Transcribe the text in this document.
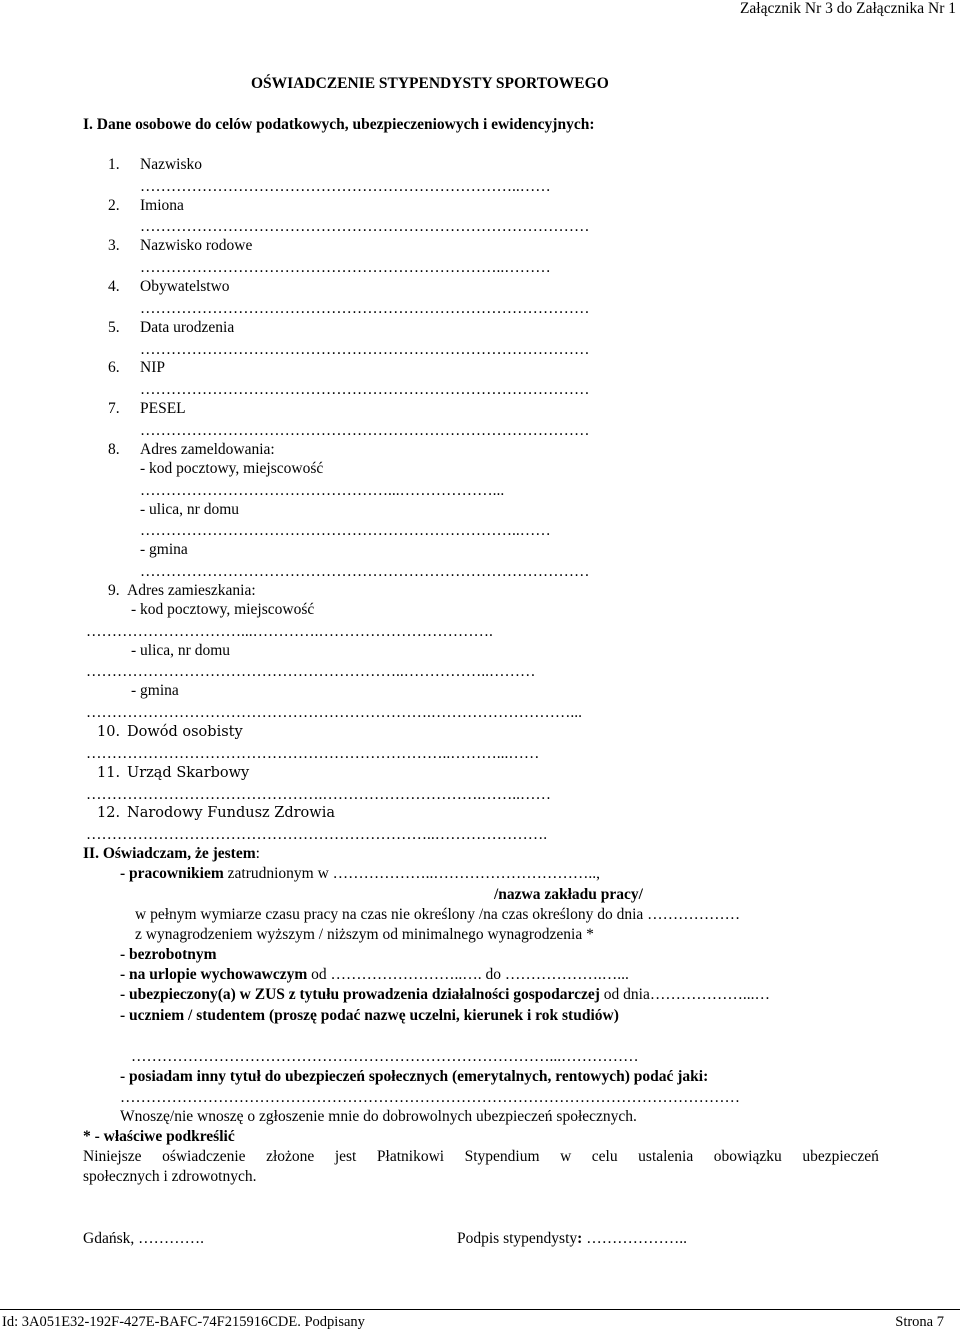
Załącznik Nr 3 do Załącznika Nr 1
OŚWIADCZENIE STYPENDYSTY SPORTOWEGO
I. Dane osobowe do celów podatkowych, ubezpieczeniowych i ewidencyjnych:
1. Nazwisko
………………………………………………………………..……
2. Imiona
……………………………………………………………………………
3. Nazwisko rodowe
……………………………………………………………..………
4. Obywatelstwo
……………………………………………………………………………
5. Data urodzenia
……………………………………………………………………………
6. NIP
……………………………………………………………………………
7. PESEL
……………………………………………………………………………
8. Adres zameldowania:
- kod pocztowy, miejscowość
…………………………………………...………………...
- ulica, nr domu
………………………………………………………………..……
- gmina
……………………………………………………………………………
9. Adres zamieszkania:
- kod pocztowy, miejscowość
…………………………...………….…………………………….
- ulica, nr domu
……………………………………………………..……………..………
- gmina
………………………………………………………….………………………...
10. Dowód osobisty
……………………………………………………………..………...……
11. Urząd Skarbowy
……………………………………….………………………….……..……
12. Narodowy Fundusz Zdrowia
…………………………………………………………..………………….
II. Oświadczam, że jestem:
- pracownikiem zatrudnionym w ………………..…………………………..,
/nazwa zakładu pracy/
w pełnym wymiarze czasu pracy na czas nie określony /na czas określony do dnia ………………
z wynagrodzeniem wyższym / niższym od minimalnego wynagrodzenia *
- bezrobotnym
- na urlopie wychowawczym od ……………………..…. do ……………….…...
- ubezpieczony(a) w ZUS z tytułu prowadzenia działalności gospodarczej od dnia………………...…
- uczniem / studentem (proszę podać nazwę uczelni, kierunek i rok studiów)
………………………………………………………………………...……………
- posiadam inny tytuł do ubezpieczeń społecznych (emerytalnych, rentowych) podać jaki:
…………………………………………………………………………………………………………
Wnoszę/nie wnoszę o zgłoszenie mnie do dobrowolnych ubezpieczeń społecznych.
* - właściwe podkreślić
Niniejsze oświadczenie złożone jest Płatnikowi Stypendium w celu ustalenia obowiązku ubezpieczeń
społecznych i zdrowotnych.
Gdańsk, ………….	Podpis stypendysty: ………………..
Id: 3A051E32-192F-427E-BAFC-74F215916CDE. Podpisany	Strona 7
